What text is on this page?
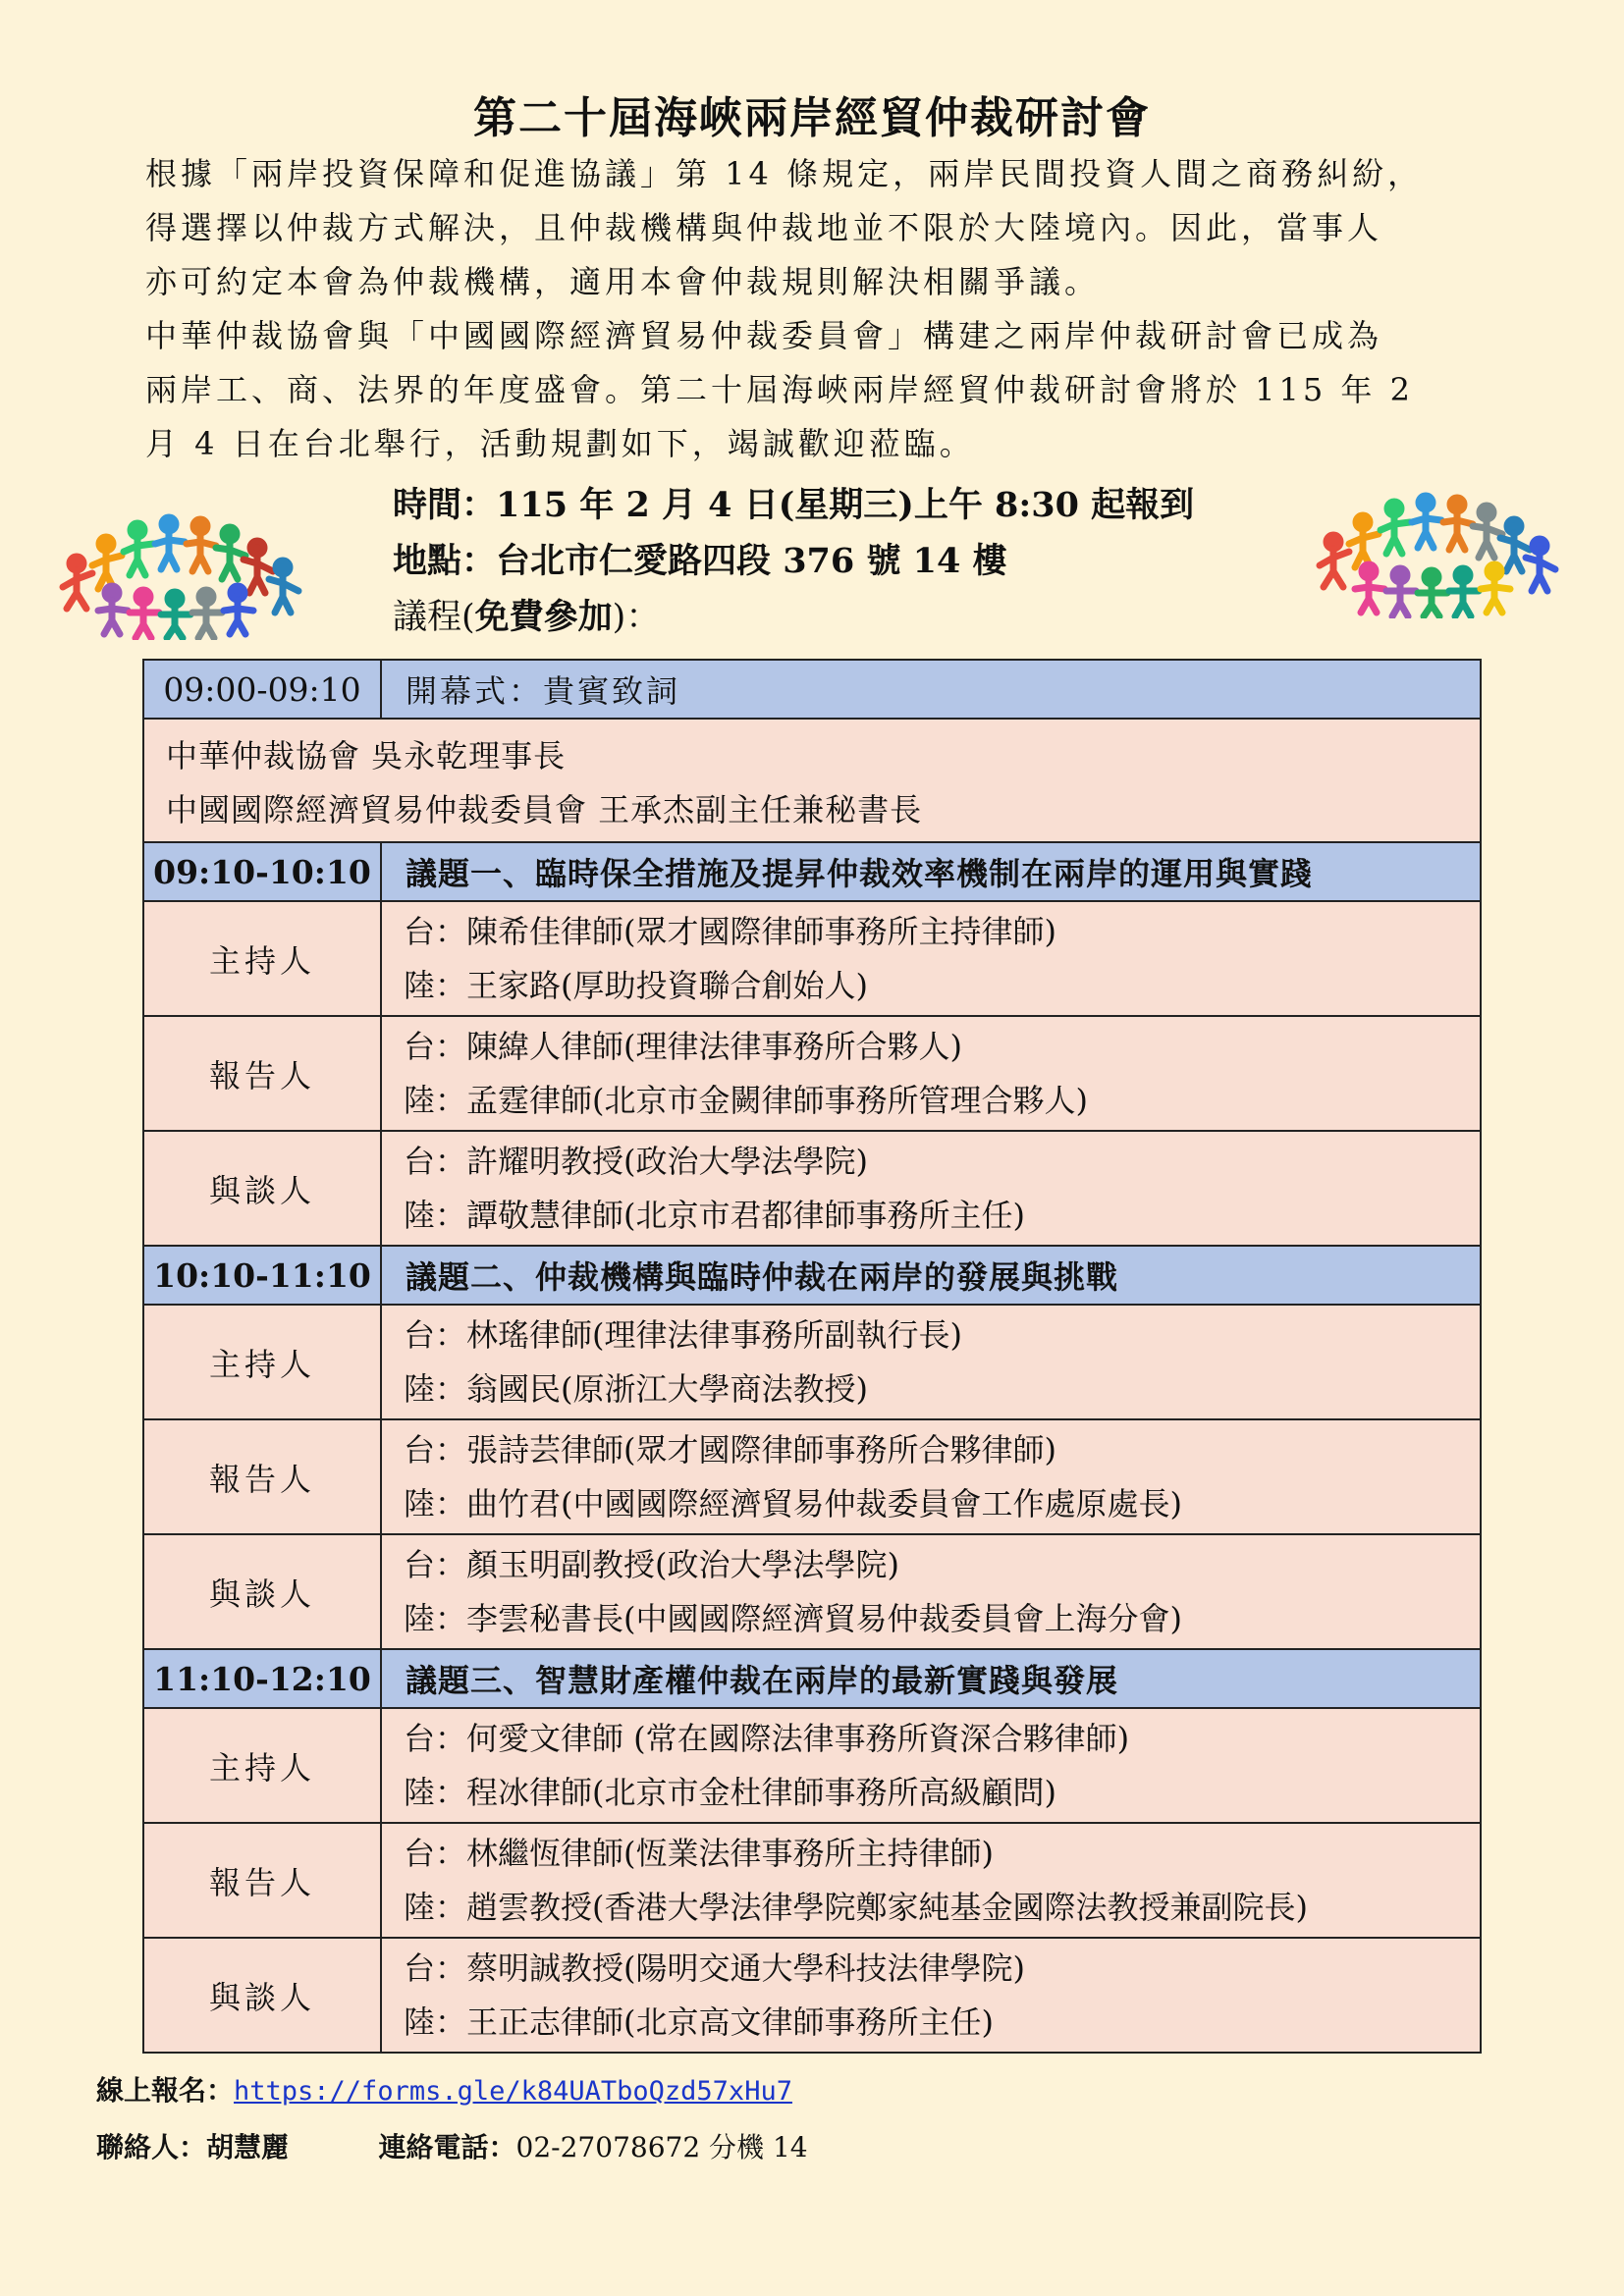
第二十屆海峽兩岸經貿仲裁研討會

根據「兩岸投資保障和促進協議」第 14 條規定，兩岸民間投資人間之商務糾紛，

得選擇以仲裁方式解決，且仲裁機構與仲裁地並不限於大陸境內。因此，當事人

亦可約定本會為仲裁機構，適用本會仲裁規則解決相關爭議。

中華仲裁協會與「中國國際經濟貿易仲裁委員會」構建之兩岸仲裁研討會已成為

兩岸工、商、法界的年度盛會。第二十屆海峽兩岸經貿仲裁研討會將於 115 年 2

月 4 日在台北舉行，活動規劃如下，竭誠歡迎蒞臨。

時間：115 年 2 月 4 日(星期三)上午 8:30 起報到
地點：台北市仁愛路四段 376 號 14 樓
議程(免費參加)：
09:00-09:10	開幕式：貴賓致詞

中華仲裁協會 吳永乾理事長
中國國際經濟貿易仲裁委員會 王承杰副主任兼秘書長	

09:10-10:10	議題一、臨時保全措施及提昇仲裁效率機制在兩岸的運用與實踐
主持人	台：陳希佳律師(眾才國際律師事務所主持律師)
陸：王家路(厚助投資聯合創始人)

報告人	台：陳緯人律師(理律法律事務所合夥人)
陸：孟霆律師(北京市金闕律師事務所管理合夥人)

與談人	台：許耀明教授(政治大學法學院)
陸：譚敬慧律師(北京市君都律師事務所主任)

10:10-11:10	議題二、仲裁機構與臨時仲裁在兩岸的發展與挑戰
主持人	台：林瑤律師(理律法律事務所副執行長)
陸：翁國民(原浙江大學商法教授)

報告人	台：張詩芸律師(眾才國際律師事務所合夥律師)
陸：曲竹君(中國國際經濟貿易仲裁委員會工作處原處長)

與談人	台：顏玉明副教授(政治大學法學院)
陸：李雲秘書長(中國國際經濟貿易仲裁委員會上海分會)

11:10-12:10	議題三、智慧財產權仲裁在兩岸的最新實踐與發展
主持人	台：何愛文律師 (常在國際法律事務所資深合夥律師)
陸：程冰律師(北京市金杜律師事務所高級顧問)

報告人	台：林繼恆律師(恆業法律事務所主持律師)
陸：趙雲教授(香港大學法律學院鄭家純基金國際法教授兼副院長)

與談人	台：蔡明誠教授(陽明交通大學科技法律學院)
陸：王正志律師(北京高文律師事務所主任)
線上報名：https://forms.gle/k84UATboQzd57xHu7
聯絡人：胡慧麗	連絡電話：02-27078672 分機 14
